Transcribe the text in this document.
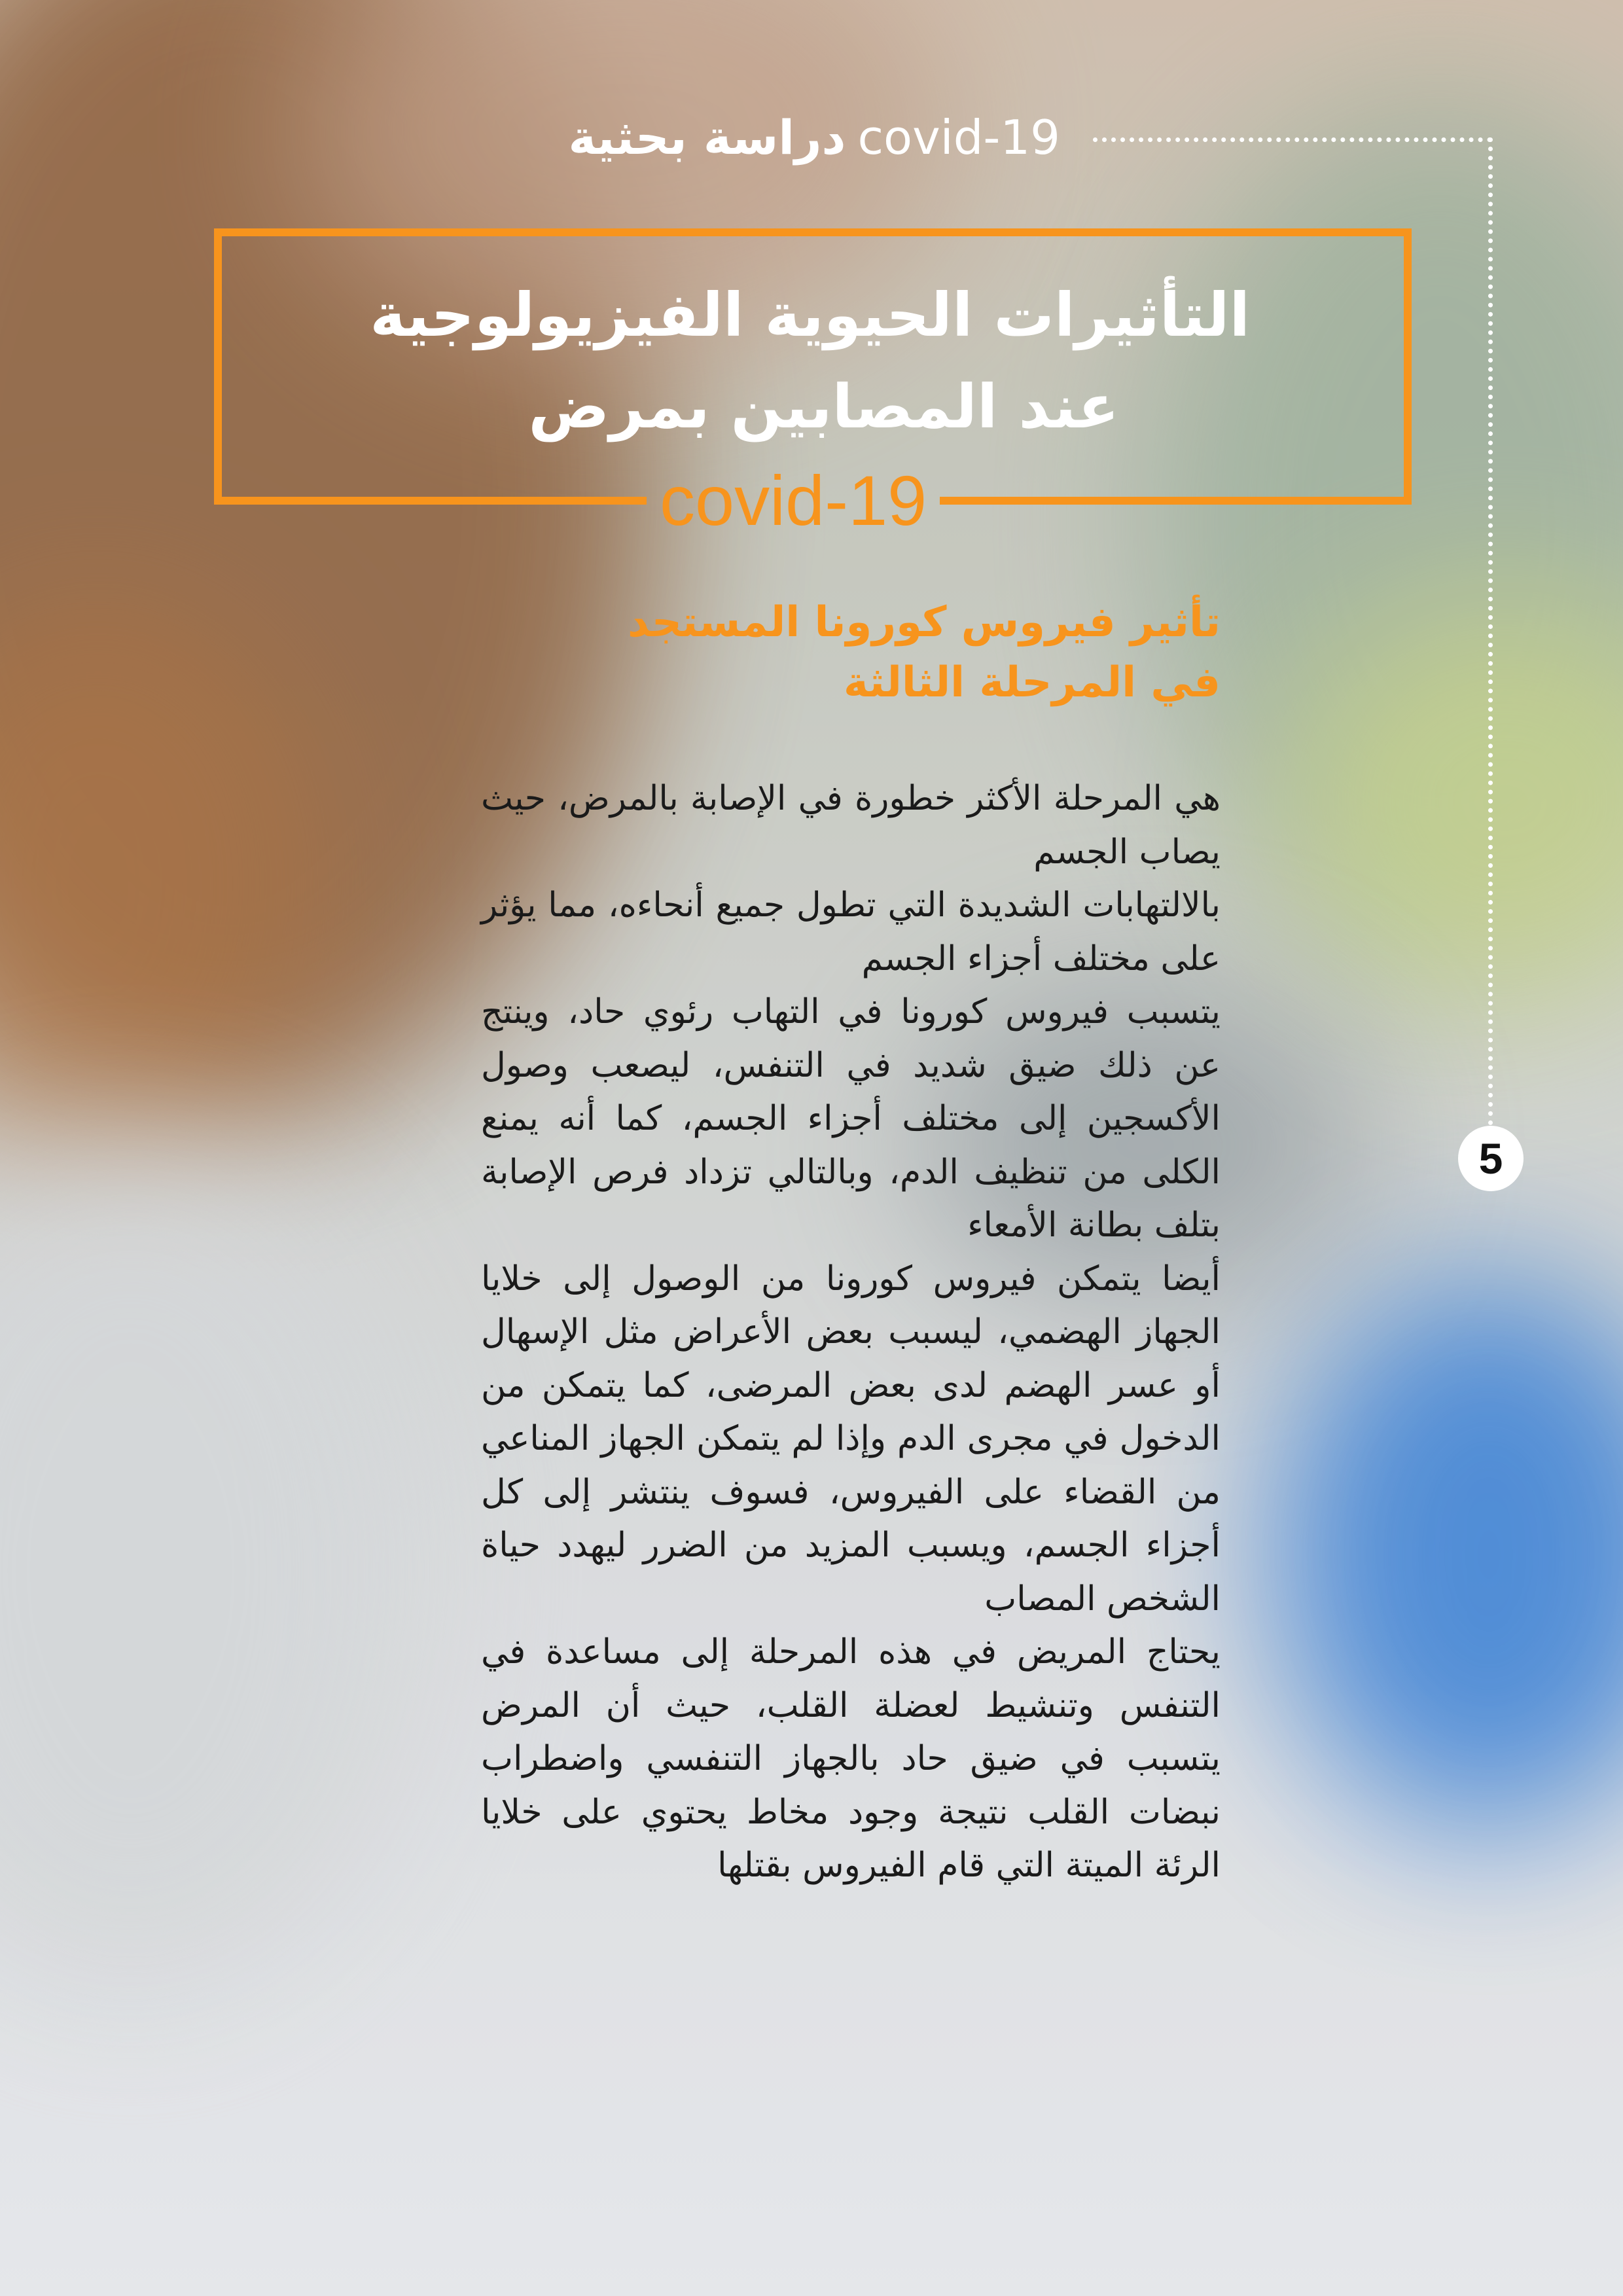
دراسة بحثية covid-19
5
التأثيرات الحيوية الفيزيولوجية
عند المصابين بمرض
covid-19
تأثير فيروس كورونا المستجد
في المرحلة الثالثة

هي المرحلة الأكثر خطورة في الإصابة بالمرض، حيث يصاب الجسم

بالالتهابات الشديدة التي تطول جميع أنحاءه، مما يؤثر على مختلف أجزاء الجسم

يتسبب فيروس كورونا في التهاب رئوي حاد، وينتج عن ذلك ضيق شديد في التنفس، ليصعب وصول الأكسجين إلى مختلف أجزاء الجسم، كما أنه يمنع الكلى من تنظيف الدم، وبالتالي تزداد فرص الإصابة بتلف بطانة الأمعاء

أيضا يتمكن فيروس كورونا من الوصول إلى خلايا الجهاز الهضمي، ليسبب بعض الأعراض مثل الإسهال أو عسر الهضم لدى بعض المرضى، كما يتمكن من الدخول في مجرى الدم وإذا لم يتمكن الجهاز المناعي من القضاء على الفيروس، فسوف ينتشر إلى كل أجزاء الجسم، ويسبب المزيد من الضرر ليهدد حياة الشخص المصاب

يحتاج المريض في هذه المرحلة إلى مساعدة في التنفس وتنشيط لعضلة القلب، حيث أن المرض يتسبب في ضيق حاد بالجهاز التنفسي واضطراب نبضات القلب نتيجة وجود مخاط يحتوي على خلايا الرئة الميتة التي قام الفيروس بقتلها
